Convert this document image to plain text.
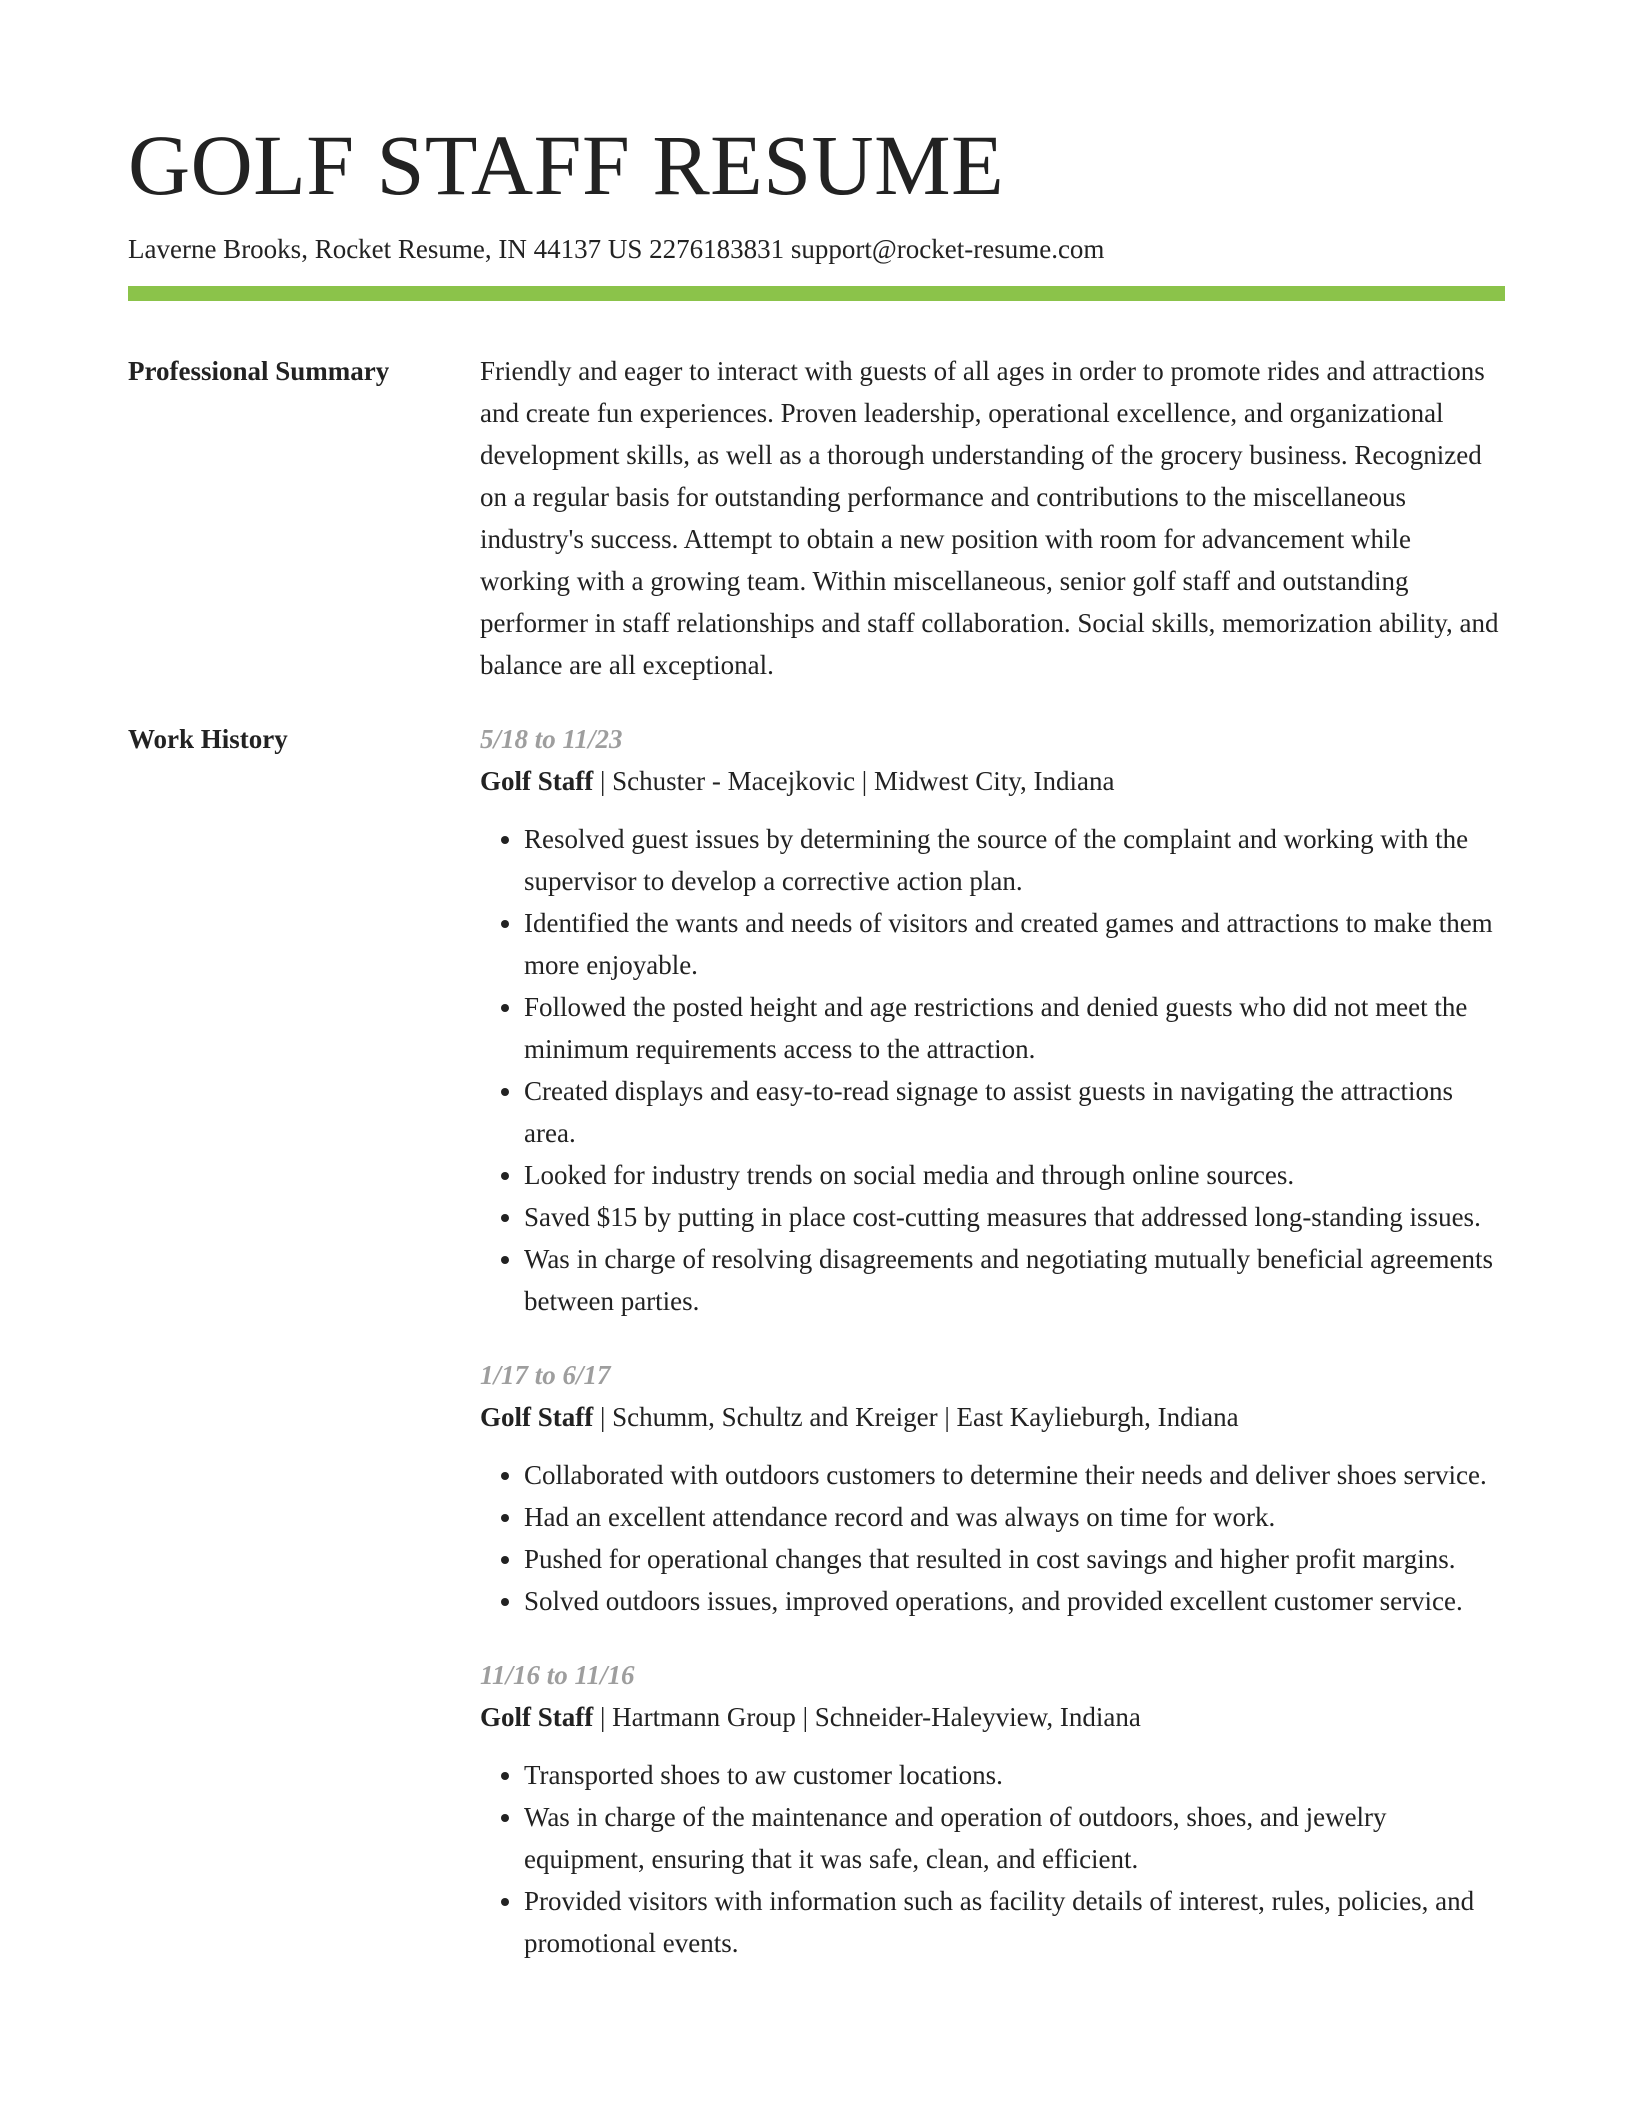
GOLF STAFF RESUME

Laverne Brooks, Rocket Resume, IN 44137 US 2276183831 support@rocket-resume.com

Professional Summary	Friendly and eager to interact with guests of all ages in order to promote rides and attractions and create fun experiences. Proven leadership, operational excellence, and organizational development skills, as well as a thorough understanding of the grocery business. Recognized on a regular basis for outstanding performance and contributions to the miscellaneous industry's success. Attempt to obtain a new position with room for advancement while working with a growing team. Within miscellaneous, senior golf staff and outstanding performer in staff relationships and staff collaboration. Social skills, memorization ability, and balance are all exceptional.

Work History	5/18 to 11/23

Golf Staff | Schuster - Macejkovic | Midwest City, Indiana

• Resolved guest issues by determining the source of the complaint and working with the supervisor to develop a corrective action plan.
• Identified the wants and needs of visitors and created games and attractions to make them more enjoyable.
• Followed the posted height and age restrictions and denied guests who did not meet the minimum requirements access to the attraction.
• Created displays and easy-to-read signage to assist guests in navigating the attractions area.
• Looked for industry trends on social media and through online sources.
• Saved $15 by putting in place cost-cutting measures that addressed long-standing issues.
• Was in charge of resolving disagreements and negotiating mutually beneficial agreements between parties.

1/17 to 6/17

Golf Staff | Schumm, Schultz and Kreiger | East Kaylieburgh, Indiana

• Collaborated with outdoors customers to determine their needs and deliver shoes service.
• Had an excellent attendance record and was always on time for work.
• Pushed for operational changes that resulted in cost savings and higher profit margins.
• Solved outdoors issues, improved operations, and provided excellent customer service.

11/16 to 11/16

Golf Staff | Hartmann Group | Schneider-Haleyview, Indiana

• Transported shoes to aw customer locations.
• Was in charge of the maintenance and operation of outdoors, shoes, and jewelry equipment, ensuring that it was safe, clean, and efficient.
• Provided visitors with information such as facility details of interest, rules, policies, and promotional events.
